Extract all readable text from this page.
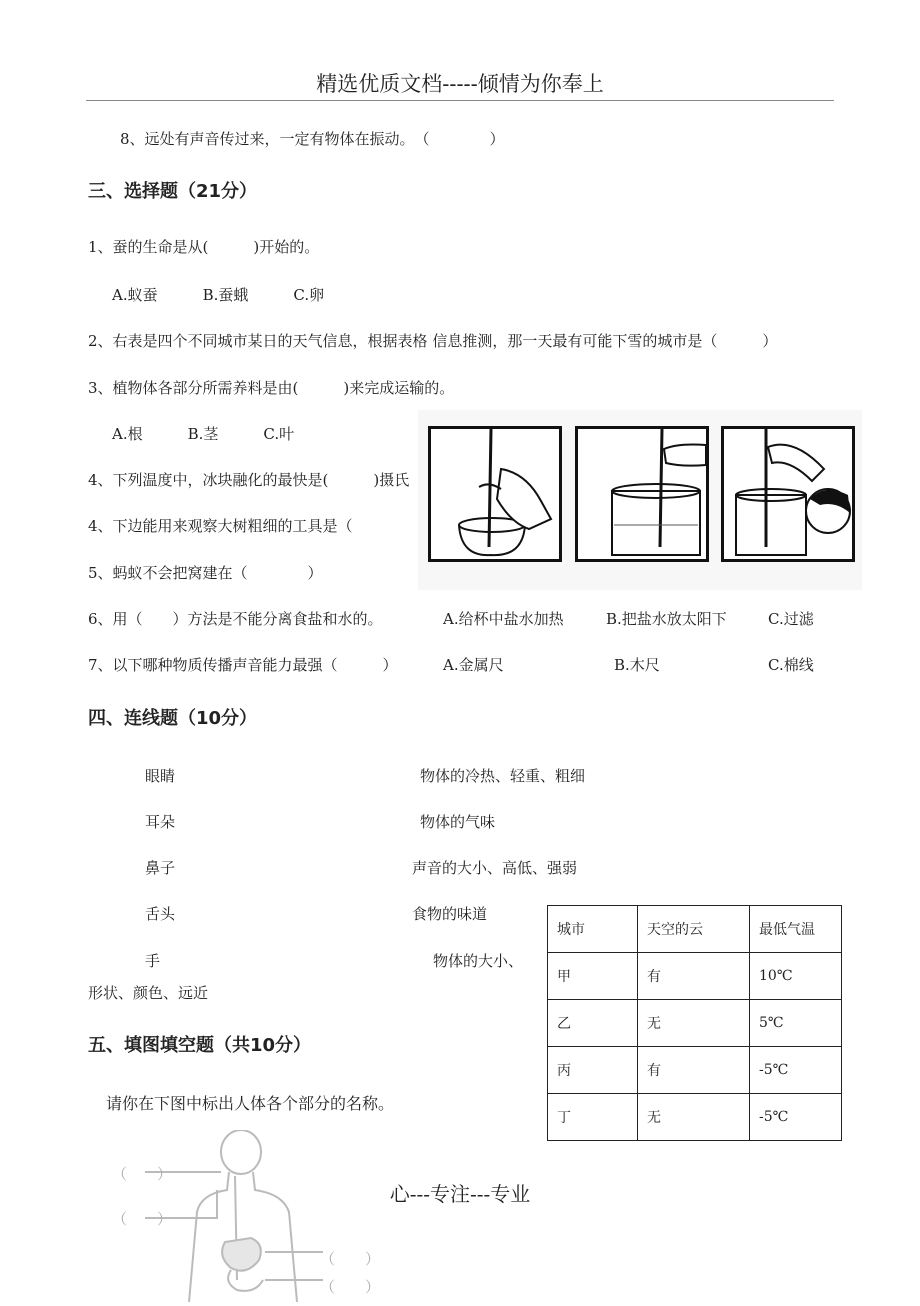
精选优质文档-----倾情为你奉上
8、远处有声音传过来，一定有物体在振动。　（　　　　）
三、选择题（21分）
1、蚕的生命是从(　　　)开始的。
A.蚁蚕　　　B.蚕蛾　　　C.卵
2、右表是四个不同城市某日的天气信息，根据表格 信息推测，那一天最有可能下雪的城市是（　　　）
3、植物体各部分所需养料是由(　　　)来完成运输的。
A.根　　　B.茎　　　C.叶
4、下列温度中，冰块融化的最快是(　　　)摄氏
4、下边能用来观察大树粗细的工具是（
5、蚂蚁不会把窝建在（　　　　）
6、用（　　）方法是不能分离食盐和水的。	A.给杯中盐水加热	B.把盐水放太阳下	C.过滤
7、以下哪种物质传播声音能力最强（　　　）	A.金属尺	B.木尺	C.棉线
四、连线题（10分）
眼睛
耳朵
鼻子
舌头
手
物体的冷热、轻重、粗细
物体的气味
声音的大小、高低、强弱
食物的味道
物体的大小、
形状、颜色、远近
城市	天空的云	最低气温
甲	有	10℃
乙	无	5℃
丙	有	-5℃
丁	无	-5℃
五、填图填空题（共10分）
请你在下图中标出人体各个部分的名称。
（　　）
（　　）
（　　）
（　　）
心---专注---专业
